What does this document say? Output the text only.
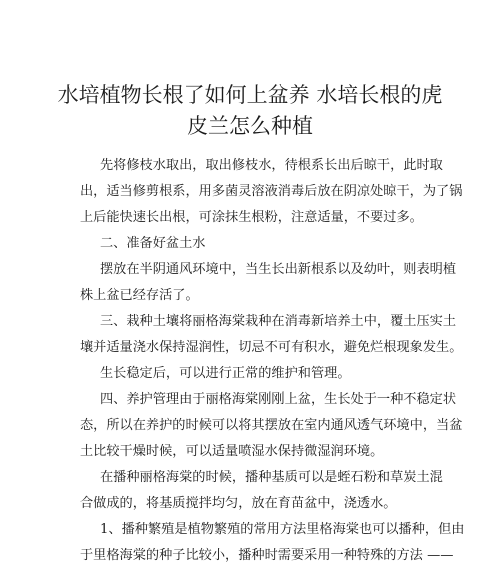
水培植物长根了如何上盆养 水培长根的虎
皮兰怎么种植

先将修枝水取出，取出修枝水，待根系长出后晾干，此时取

出，适当修剪根系，用多菌灵溶液消毒后放在阴凉处晾干，为了锅

上后能快速长出根，可涂抹生根粉，注意适量，不要过多。

二、准备好盆土水

摆放在半阴通风环境中，当生长出新根系以及幼叶，则表明植

株上盆已经存活了。

三、栽种土壤将丽格海棠栽种在消毒新培养土中，覆土压实土

壤并适量浇水保持湿润性，切忌不可有积水，避免烂根现象发生。

生长稳定后，可以进行正常的维护和管理。

四、养护管理由于丽格海棠刚刚上盆，生长处于一种不稳定状

态，所以在养护的时候可以将其摆放在室内通风透气环境中，当盆

土比较干燥时候，可以适量喷湿水保持微湿润环境。

在播种丽格海棠的时候，播种基质可以是蛭石粉和草炭土混

合做成的，将基质搅拌均匀，放在育苗盆中，浇透水。

1、播种繁殖是植物繁殖的常用方法里格海棠也可以播种，但由

于里格海棠的种子比较小，播种时需要采用一种特殊的方法 ——
